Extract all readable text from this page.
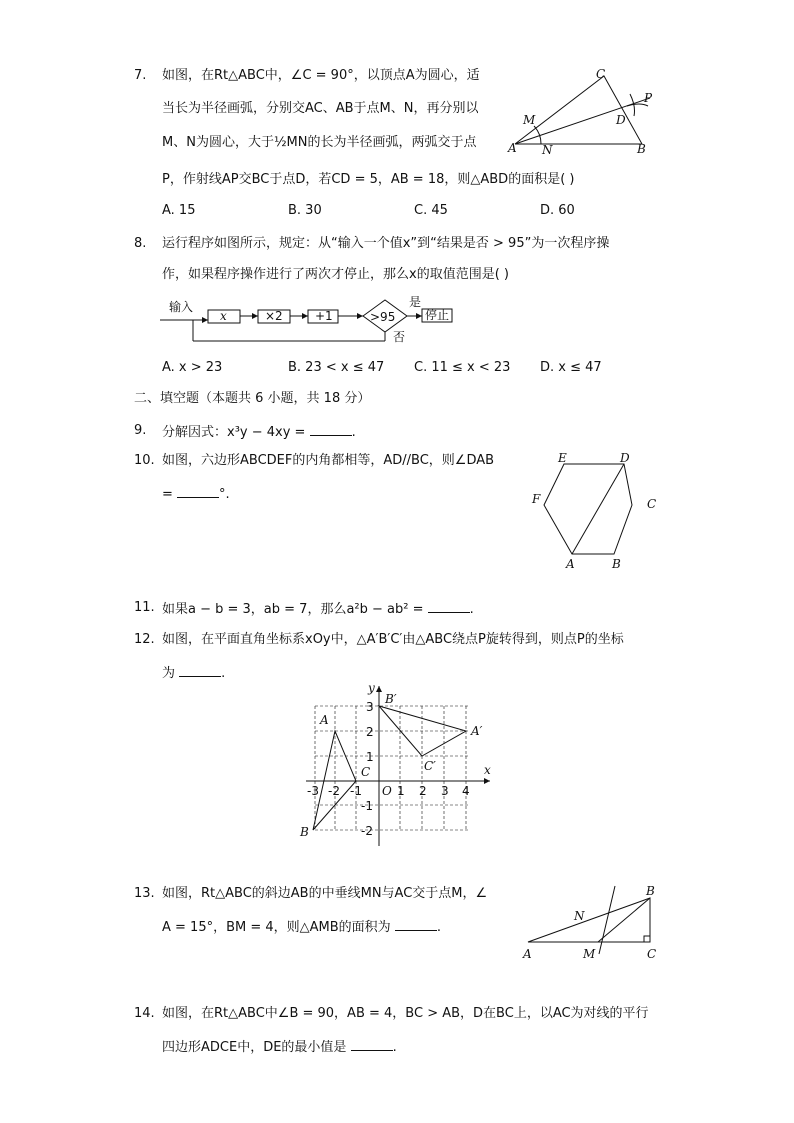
7. 如图，在Rt△ABC中，∠C = 90°，以顶点A为圆心，适
当长为半径画弧，分别交AC、AB于点M、N，再分别以
M、N为圆心，大于½MN的长为半径画弧，两弧交于点
P，作射线AP交BC于点D，若CD = 5，AB = 18，则△ABD的面积是( )
A. 15	B. 30	C. 45	D. 60
C
P
D
M
A N	B
8. 运行程序如图所示，规定：从“输入一个值x”到“结果是否 > 95”为一次程序操
作，如果程序操作进行了两次才停止，那么x的取值范围是( )
输入
x	×2	+1	>95
是
停止
否
A. x > 23	B. 23 < x ≤ 47 C. 11 ≤ x < 23 D. x ≤ 47
二、填空题（本题共 6 小题，共 18 分）
9. 分解因式：x³y − 4xy =	.
10. 如图，六边形ABCDEF的内角都相等，AD//BC，则∠DAB
=	°.
E	D
F	C
A	B
11. 如果a − b = 3，ab = 7，那么a²b − ab² =	.
12. 如图，在平面直角坐标系xOy中，△A′B′C′由△ABC绕点P旋转得到，则点P的坐标
为	.
x
y
O
-3 -2 -1	1 2 3 4
3
2
1
-1
-2
A
B
C
B′
A′
C′
13. 如图，Rt△ABC的斜边AB的中垂线MN与AC交于点M，∠
A = 15°，BM = 4，则△AMB的面积为	.
B
N
A	M	C
14. 如图，在Rt△ABC中∠B = 90，AB = 4，BC > AB，D在BC上，以AC为对线的平行
四边形ADCE中，DE的最小值是	.
